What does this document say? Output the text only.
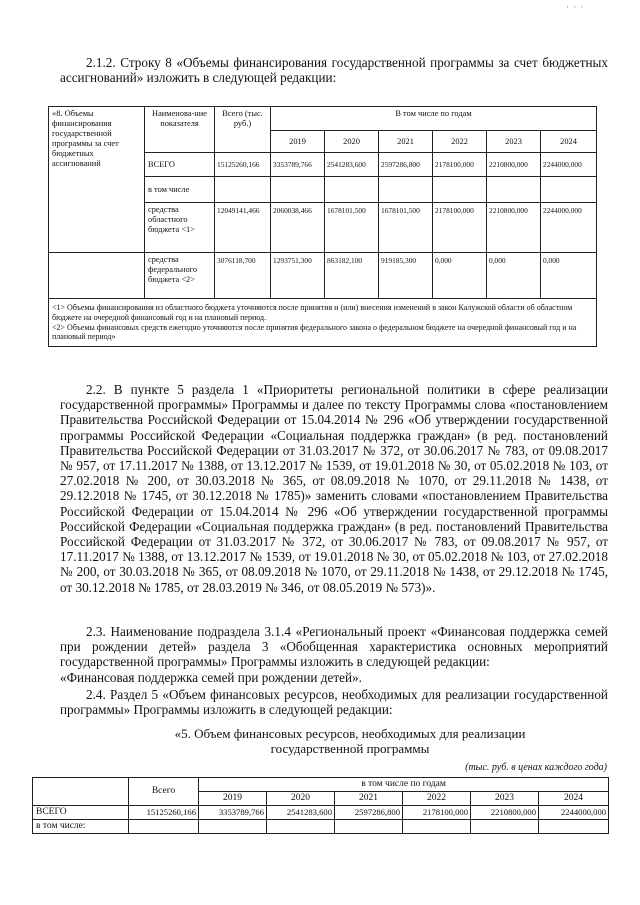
· · ·

2.1.2. Строку 8 «Объемы финансирования государственной программы за счет бюджетных ассигнований» изложить в следующей редакции:

«8. Объемы финансирования государственной программы за счет бюджетных ассигнований	Наименова-ние показателя	Всего (тыс. руб.)	В том числе по годам					
			2019	2020	2021	2022	2023	2024
	ВСЕГО	15125260,166	3353789,766	2541283,600	2597286,800	2178100,000	2210800,000	2244000,000
	в том числе							
	средства областного бюджета <1>	12049141,466	2060038,466	1678101,500	1678101,500	2178100,000	2210800,000	2244000,000
	средства федерального бюджета <2>	3076118,700	1293751,300	863182,100	919185,300	0,000	0,000	0,000

<1> Объемы финансирования из областного бюджета уточняются после принятия и (или) внесения изменений в закон Калужской области об областном бюджете на очередной финансовый год и на плановый период.
<2> Объемы финансовых средств ежегодно уточняются после принятия федерального закона о федеральном бюджете на очередной финансовый год и на плановый период»								

2.2. В пункте 5 раздела 1 «Приоритеты региональной политики в сфере реализации государственной программы» Программы и далее по тексту Программы слова «постановлением Правительства Российской Федерации от 15.04.2014 № 296 «Об утверждении государственной программы Российской Федерации «Социальная поддержка граждан» (в ред. постановлений Правительства Российской Федерации от 31.03.2017 № 372, от 30.06.2017 № 783, от 09.08.2017 № 957, от 17.11.2017 № 1388, от 13.12.2017 № 1539, от 19.01.2018 № 30, от 05.02.2018 № 103, от 27.02.2018 № 200, от 30.03.2018 № 365, от 08.09.2018 № 1070, от 29.11.2018 № 1438, от 29.12.2018 № 1745, от 30.12.2018 № 1785)» заменить словами «постановлением Правительства Российской Федерации от 15.04.2014 № 296 «Об утверждении государственной программы Российской Федерации «Социальная поддержка граждан» (в ред. постановлений Правительства Российской Федерации от 31.03.2017 № 372, от 30.06.2017 № 783, от 09.08.2017 № 957, от 17.11.2017 № 1388, от 13.12.2017 № 1539, от 19.01.2018 № 30, от 05.02.2018 № 103, от 27.02.2018 № 200, от 30.03.2018 № 365, от 08.09.2018 № 1070, от 29.11.2018 № 1438, от 29.12.2018 № 1745, от 30.12.2018 № 1785, от 28.03.2019 № 346, от 08.05.2019 № 573)».

2.3. Наименование подраздела 3.1.4 «Региональный проект «Финансовая поддержка семей при рождении детей» раздела 3 «Обобщенная характеристика основных мероприятий государственной программы» Программы изложить в следующей редакции:
«Финансовая поддержка семей при рождении детей».

2.4. Раздел 5 «Объем финансовых ресурсов, необходимых для реализации государственной программы» Программы изложить в следующей редакции:

«5. Объем финансовых ресурсов, необходимых для реализации государственной программы
(тыс. руб. в ценах каждого года)
	Всего	в том числе по годам					
		2019	2020	2021	2022	2023	2024
ВСЕГО	15125260,166	3353789,766	2541283,600	2597286,800	2178100,000	2210800,000	2244000,000
в том числе:							
